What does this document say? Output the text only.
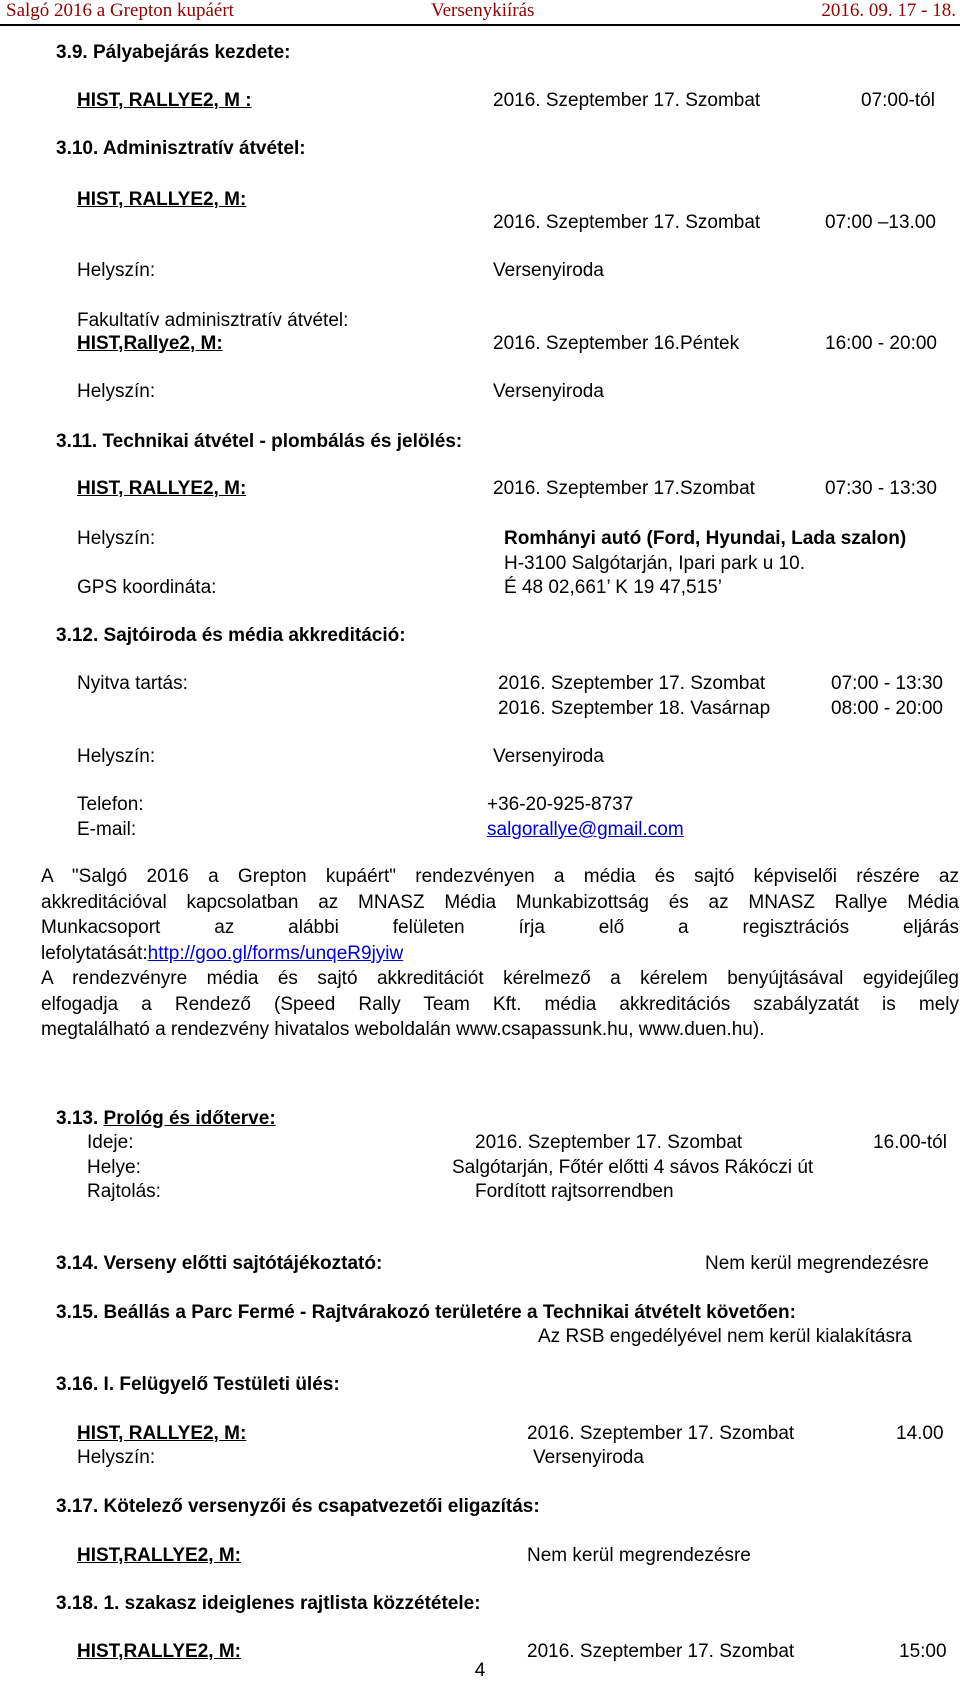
Salgó 2016 a Grepton kupáért	Versenykiírás	2016. 09. 17 - 18.
3.9. Pályabejárás kezdete:
HIST, RALLYE2, M :	2016. Szeptember 17. Szombat	07:00-tól
3.10. Adminisztratív átvétel:
HIST, RALLYE2, M:
2016. Szeptember 17. Szombat	07:00 –13.00
Helyszín:	Versenyiroda
Fakultatív adminisztratív átvétel:
HIST,Rallye2, M:	2016. Szeptember 16.Péntek	16:00 - 20:00
Helyszín:	Versenyiroda
3.11. Technikai átvétel - plombálás és jelölés:
HIST, RALLYE2, M:	2016. Szeptember 17.Szombat	07:30 - 13:30
Helyszín:	Romhányi autó (Ford, Hyundai, Lada szalon)
H-3100 Salgótarján, Ipari park u 10.
GPS koordináta:	É 48 02,661’ K 19 47,515’
3.12. Sajtóiroda és média akkreditáció:
Nyitva tartás:	2016. Szeptember 17. Szombat	07:00 - 13:30
2016. Szeptember 18. Vasárnap	08:00 - 20:00
Helyszín:	Versenyiroda
Telefon:	+36-20-925-8737
E-mail:	salgorallye@gmail.com
A "Salgó 2016 a Grepton kupáért" rendezvényen a média és sajtó képviselői részére az
akkreditációval kapcsolatban az MNASZ Média Munkabizottság és az MNASZ Rallye Média
Munkacsoport az alábbi felületen írja elő a regisztrációs eljárás
lefolytatását:http://goo.gl/forms/unqeR9jyiw
A rendezvényre média és sajtó akkreditációt kérelmező a kérelem benyújtásával egyidejűleg
elfogadja a Rendező (Speed Rally Team Kft. média akkreditációs szabályzatát is mely
megtalálható a rendezvény hivatalos weboldalán www.csapassunk.hu, www.duen.hu).
3.13. Prológ és időterve:
Ideje:	2016. Szeptember 17. Szombat	16.00-tól
Helye:	Salgótarján, Főtér előtti 4 sávos Rákóczi út
Rajtolás:	Fordított rajtsorrendben
3.14. Verseny előtti sajtótájékoztató:	Nem kerül megrendezésre
3.15. Beállás a Parc Fermé - Rajtvárakozó területére a Technikai átvételt követően:
Az RSB engedélyével nem kerül kialakításra
3.16. I. Felügyelő Testületi ülés:
HIST, RALLYE2, M:	2016. Szeptember 17. Szombat	14.00
Helyszín:	Versenyiroda
3.17. Kötelező versenyzői és csapatvezetői eligazítás:
HIST,RALLYE2, M:	Nem kerül megrendezésre
3.18. 1. szakasz ideiglenes rajtlista közzététele:
HIST,RALLYE2, M:	2016. Szeptember 17. Szombat	15:00
4
